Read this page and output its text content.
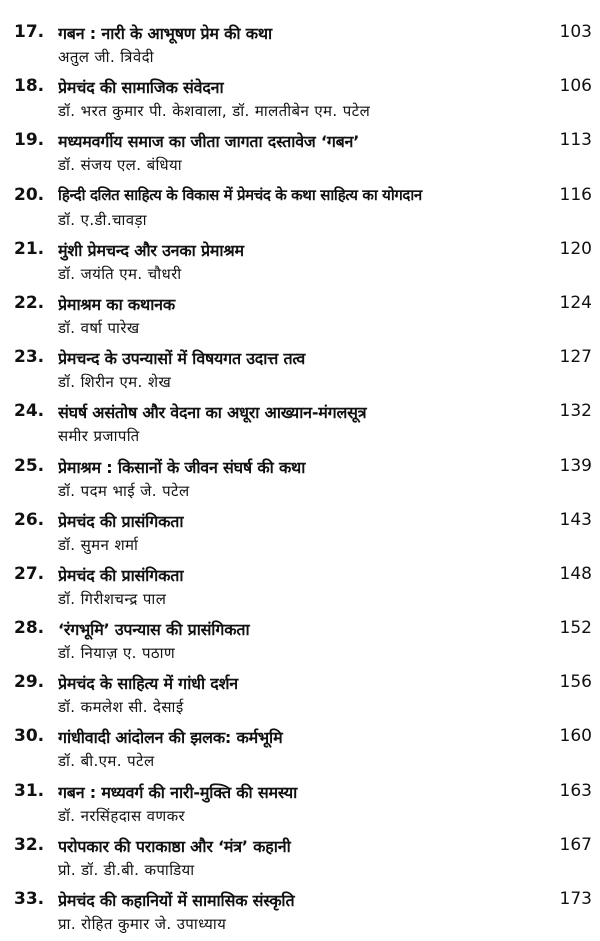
17. गबन : नारी के आभूषण प्रेम की कथा	103
अतुल जी. त्रिवेदी
18. प्रेमचंद की सामाजिक संवेदना	106
डॉ. भरत कुमार पी. केशवाला, डॉ. मालतीबेन एम. पटेल
19. मध्यमवर्गीय समाज का जीता जागता दस्तावेज ‘गबन’	113
डॉ. संजय एल. बंधिया
20. हिन्दी दलित साहित्य के विकास में प्रेमचंद के कथा साहित्य का योगदान	116
डॉ. ए.डी.चावड़ा
21. मुंशी प्रेमचन्द और उनका प्रेमाश्रम	120
डॉ. जयंति एम. चौधरी
22. प्रेमाश्रम का कथानक	124
डॉ. वर्षा पारेख
23. प्रेमचन्द के उपन्यासों में विषयगत उदात्त तत्व	127
डॉ. शिरीन एम. शेख
24. संघर्ष असंतोष और वेदना का अधूरा आख्यान-मंगलसूत्र	132
समीर प्रजापति
25. प्रेमाश्रम : किसानों के जीवन संघर्ष की कथा	139
डॉ. पदम भाई जे. पटेल
26. प्रेमचंद की प्रासंगिकता	143
डॉ. सुमन शर्मा
27. प्रेमचंद की प्रासंगिकता	148
डॉ. गिरीशचन्द्र पाल
28. ‘रंगभूमि’ उपन्यास की प्रासंगिकता	152
डॉ. नियाज़ ए. पठाण
29. प्रेमचंद के साहित्य में गांधी दर्शन	156
डॉ. कमलेश सी. देसाई
30. गांधीवादी आंदोलन की झलक: कर्मभूमि	160
डॉ. बी.एम. पटेल
31. गबन : मध्यवर्ग की नारी-मुक्ति की समस्या	163
डॉ. नरसिंहदास वणकर
32. परोपकार की पराकाष्ठा और ‘मंत्र’ कहानी	167
प्रो. डॉ. डी.बी. कपाडिया
33. प्रेमचंद की कहानियों में सामासिक संस्कृति	173
प्रा. रोहित कुमार जे. उपाध्याय
